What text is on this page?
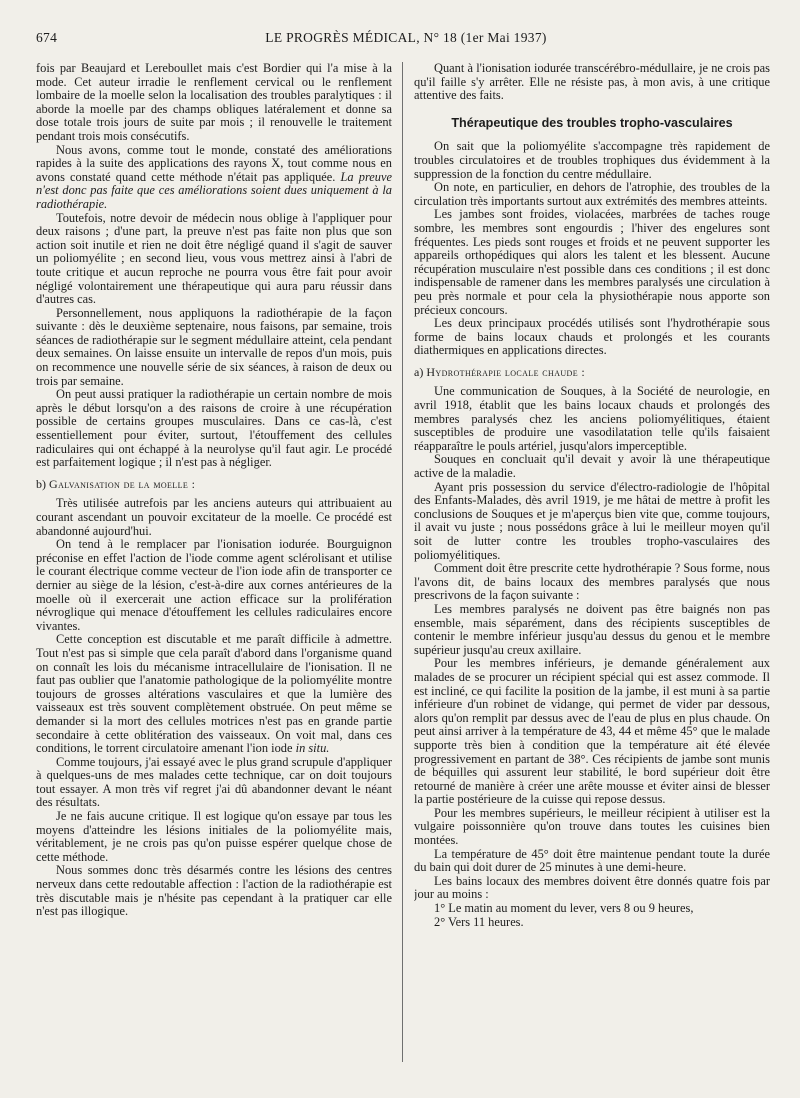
674	LE PROGRÈS MÉDICAL, N° 18 (1er Mai 1937)

fois par Beaujard et Lereboullet mais c'est Bordier qui l'a mise à la mode. Cet auteur irradie le renflement cervical ou le renflement lombaire de la moelle selon la localisation des troubles paralytiques : il aborde la moelle par des champs obliques latéralement et donne sa dose totale trois jours de suite par mois ; il renouvelle le traitement pendant trois mois consécutifs.

Nous avons, comme tout le monde, constaté des améliorations rapides à la suite des applications des rayons X, tout comme nous en avons constaté quand cette méthode n'était pas appliquée. La preuve n'est donc pas faite que ces améliorations soient dues uniquement à la radiothérapie.

Toutefois, notre devoir de médecin nous oblige à l'appliquer pour deux raisons ; d'une part, la preuve n'est pas faite non plus que son action soit inutile et rien ne doit être négligé quand il s'agit de sauver un poliomyélite ; en second lieu, vous vous mettrez ainsi à l'abri de toute critique et aucun reproche ne pourra vous être fait pour avoir négligé volontairement une thérapeutique qui aura paru réussir dans d'autres cas.

Personnellement, nous appliquons la radiothérapie de la façon suivante : dès le deuxième septenaire, nous faisons, par semaine, trois séances de radiothérapie sur le segment médullaire atteint, cela pendant deux semaines. On laisse ensuite un intervalle de repos d'un mois, puis on recommence une nouvelle série de six séances, à raison de deux ou trois par semaine.

On peut aussi pratiquer la radiothérapie un certain nombre de mois après le début lorsqu'on a des raisons de croire à une récupération possible de certains groupes musculaires. Dans ce cas-là, c'est essentiellement pour éviter, surtout, l'étouffement des cellules radiculaires qui ont échappé à la neurolyse qu'il faut agir. Le procédé est parfaitement logique ; il n'est pas à négliger.

b) Galvanisation de la moelle :

Très utilisée autrefois par les anciens auteurs qui attribuaient au courant ascendant un pouvoir excitateur de la moelle. Ce procédé est abandonné aujourd'hui.

On tend à le remplacer par l'ionisation iodurée. Bourguignon préconise en effet l'action de l'iode comme agent sclérolisant et utilise le courant électrique comme vecteur de l'ion iode afin de transporter ce dernier au siège de la lésion, c'est-à-dire aux cornes antérieures de la moelle où il exercerait une action efficace sur la prolifération névroglique qui menace d'étouffement les cellules radiculaires encore vivantes.

Cette conception est discutable et me paraît difficile à admettre. Tout n'est pas si simple que cela paraît d'abord dans l'organisme quand on connaît les lois du mécanisme intracellulaire de l'ionisation. Il ne faut pas oublier que l'anatomie pathologique de la poliomyélite montre toujours de grosses altérations vasculaires et que la lumière des vaisseaux est très souvent complètement obstruée. On peut même se demander si la mort des cellules motrices n'est pas en grande partie secondaire à cette oblitération des vaisseaux. On voit mal, dans ces conditions, le torrent circulatoire amenant l'ion iode in situ.

Comme toujours, j'ai essayé avec le plus grand scrupule d'appliquer à quelques-uns de mes malades cette technique, car on doit toujours tout essayer. A mon très vif regret j'ai dû abandonner devant le néant des résultats.

Je ne fais aucune critique. Il est logique qu'on essaye par tous les moyens d'atteindre les lésions initiales de la poliomyélite mais, véritablement, je ne crois pas qu'on puisse espérer quelque chose de cette méthode.

Nous sommes donc très désarmés contre les lésions des centres nerveux dans cette redoutable affection : l'action de la radiothérapie est très discutable mais je n'hésite pas cependant à la pratiquer car elle n'est pas illogique.

Quant à l'ionisation iodurée transcérébro-médullaire, je ne crois pas qu'il faille s'y arrêter. Elle ne résiste pas, à mon avis, à une critique attentive des faits.

Thérapeutique des troubles tropho-vasculaires

On sait que la poliomyélite s'accompagne très rapidement de troubles circulatoires et de troubles trophiques dus évidemment à la suppression de la fonction du centre médullaire.

On note, en particulier, en dehors de l'atrophie, des troubles de la circulation très importants surtout aux extrémités des membres atteints.

Les jambes sont froides, violacées, marbrées de taches rouge sombre, les membres sont engourdis ; l'hiver des engelures sont fréquentes. Les pieds sont rouges et froids et ne peuvent supporter les appareils orthopédiques qui alors les talent et les blessent. Aucune récupération musculaire n'est possible dans ces conditions ; il est donc indispensable de ramener dans les membres paralysés une circulation à peu près normale et pour cela la physiothérapie nous apporte son précieux concours.

Les deux principaux procédés utilisés sont l'hydrothérapie sous forme de bains locaux chauds et prolongés et les courants diathermiques en applications directes.

a) Hydrothérapie locale chaude :

Une communication de Souques, à la Société de neurologie, en avril 1918, établit que les bains locaux chauds et prolongés des membres paralysés chez les anciens poliomyélitiques, étaient susceptibles de produire une vasodilatation telle qu'ils faisaient réapparaître le pouls artériel, jusqu'alors imperceptible.

Souques en concluait qu'il devait y avoir là une thérapeutique active de la maladie.

Ayant pris possession du service d'électro-radiologie de l'hôpital des Enfants-Malades, dès avril 1919, je me hâtai de mettre à profit les conclusions de Souques et je m'aperçus bien vite que, comme toujours, il avait vu juste ; nous possédons grâce à lui le meilleur moyen qu'il soit de lutter contre les troubles tropho-vasculaires des poliomyélitiques.

Comment doit être prescrite cette hydrothérapie ? Sous forme, nous l'avons dit, de bains locaux des membres paralysés que nous prescrivons de la façon suivante :

Les membres paralysés ne doivent pas être baignés non pas ensemble, mais séparément, dans des récipients susceptibles de contenir le membre inférieur jusqu'au dessus du genou et le membre supérieur jusqu'au creux axillaire.

Pour les membres inférieurs, je demande généralement aux malades de se procurer un récipient spécial qui est assez commode. Il est incliné, ce qui facilite la position de la jambe, il est muni à sa partie inférieure d'un robinet de vidange, qui permet de vider par dessous, alors qu'on remplit par dessus avec de l'eau de plus en plus chaude. On peut ainsi arriver à la température de 43, 44 et même 45° que le malade supporte très bien à condition que la température ait été élevée progressivement en partant de 38°. Ces récipients de jambe sont munis de béquilles qui assurent leur stabilité, le bord supérieur doit être retourné de manière à créer une arête mousse et éviter ainsi de blesser la partie postérieure de la cuisse qui repose dessus.

Pour les membres supérieurs, le meilleur récipient à utiliser est la vulgaire poissonnière qu'on trouve dans toutes les cuisines bien montées.

La température de 45° doit être maintenue pendant toute la durée du bain qui doit durer de 25 minutes à une demi-heure.

Les bains locaux des membres doivent être donnés quatre fois par jour au moins :

1° Le matin au moment du lever, vers 8 ou 9 heures,

2° Vers 11 heures.
